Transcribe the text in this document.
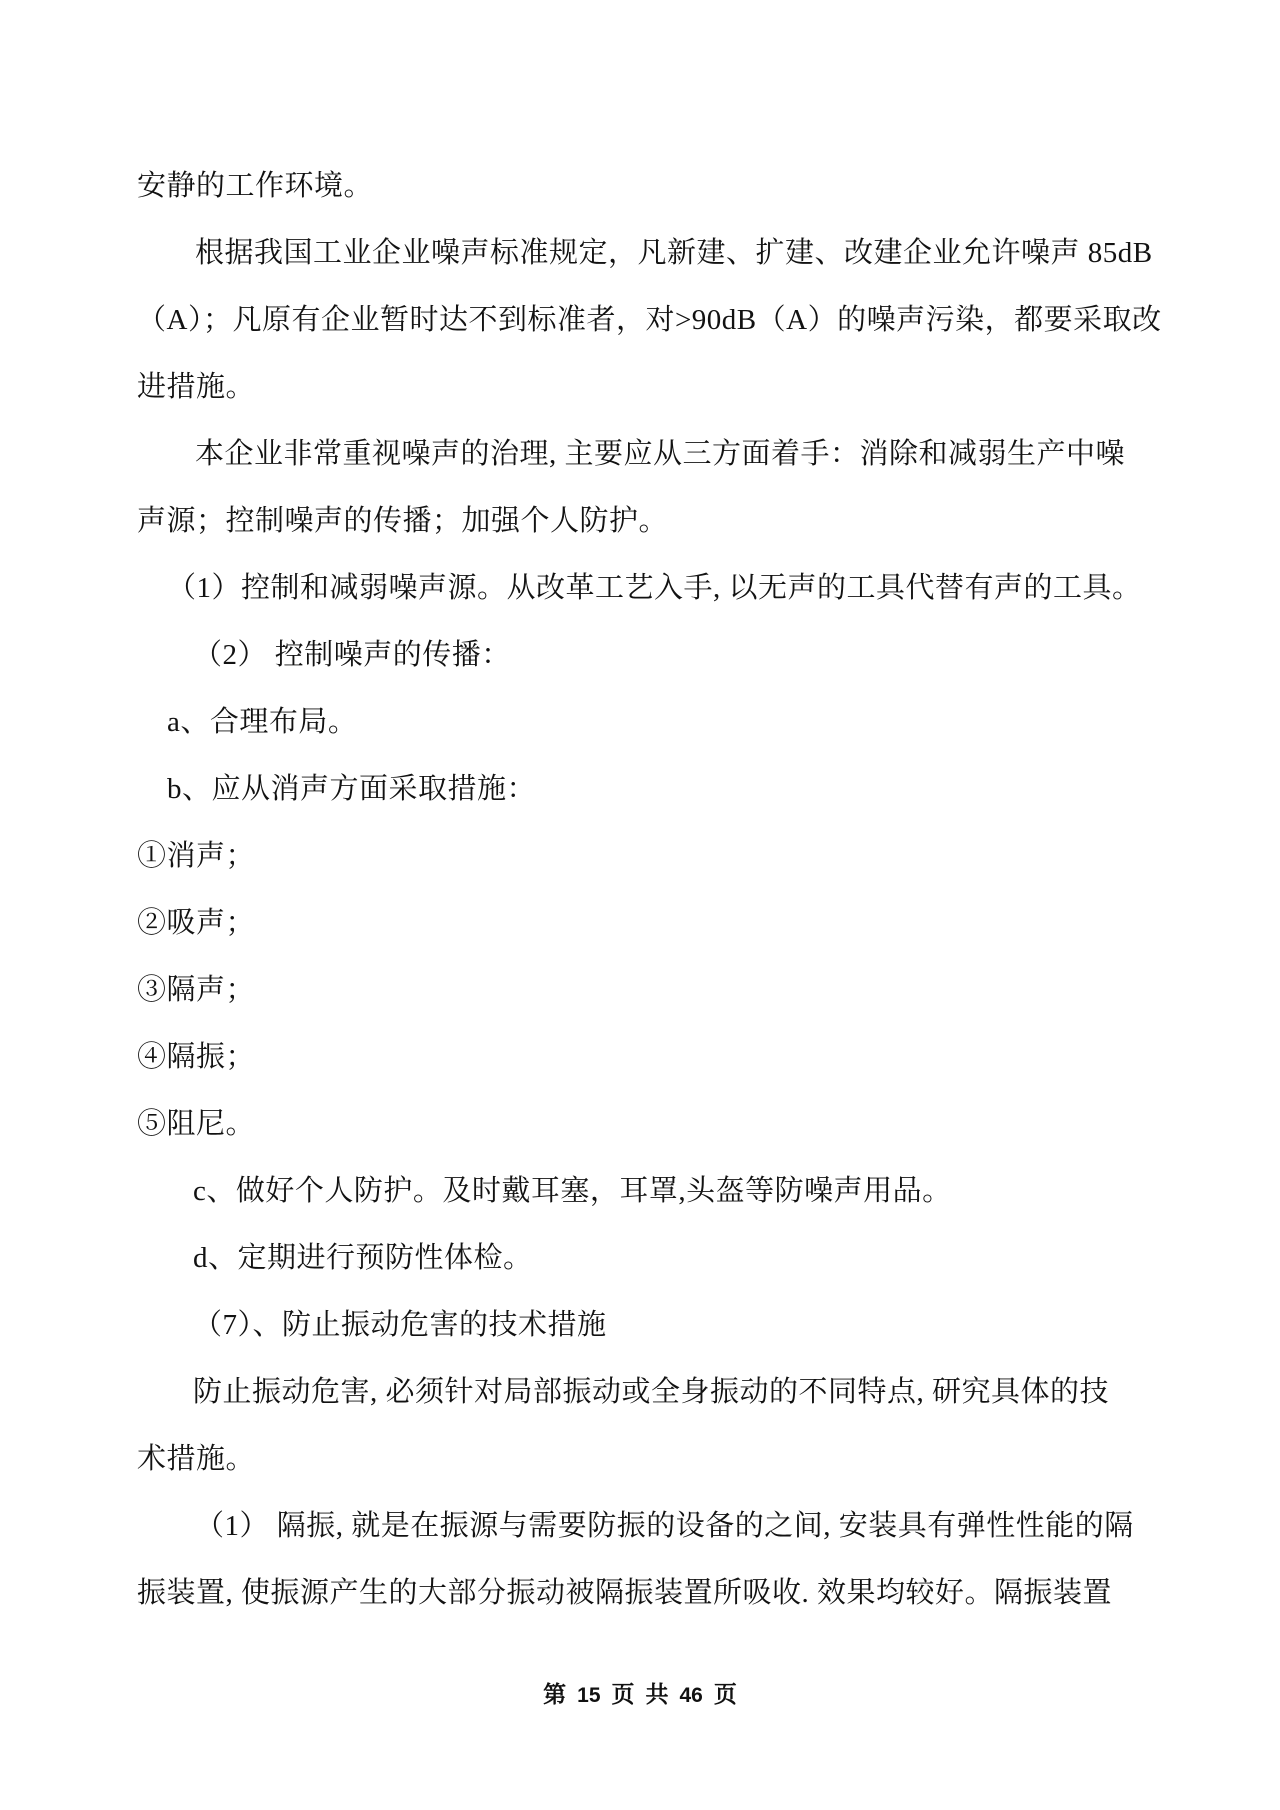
安静的工作环境。

根据我国工业企业噪声标准规定，凡新建、扩建、改建企业允许噪声 85dB

（A）；凡原有企业暂时达不到标准者，对>90dB（A）的噪声污染，都要采取改

进措施。

本企业非常重视噪声的治理, 主要应从三方面着手：消除和减弱生产中噪

声源；控制噪声的传播；加强个人防护。

（1）控制和减弱噪声源。从改革工艺入手, 以无声的工具代替有声的工具。

（2） 控制噪声的传播：

a、合理布局。

b、应从消声方面采取措施：

①消声；

②吸声；

③隔声；

④隔振；

⑤阻尼。

c、做好个人防护。及时戴耳塞，耳罩,头盔等防噪声用品。

d、定期进行预防性体检。

（7）、防止振动危害的技术措施

防止振动危害, 必须针对局部振动或全身振动的不同特点, 研究具体的技

术措施。

（1） 隔振, 就是在振源与需要防振的设备的之间, 安装具有弹性性能的隔

振装置, 使振源产生的大部分振动被隔振装置所吸收. 效果均较好。隔振装置

第 15 页 共 46 页
